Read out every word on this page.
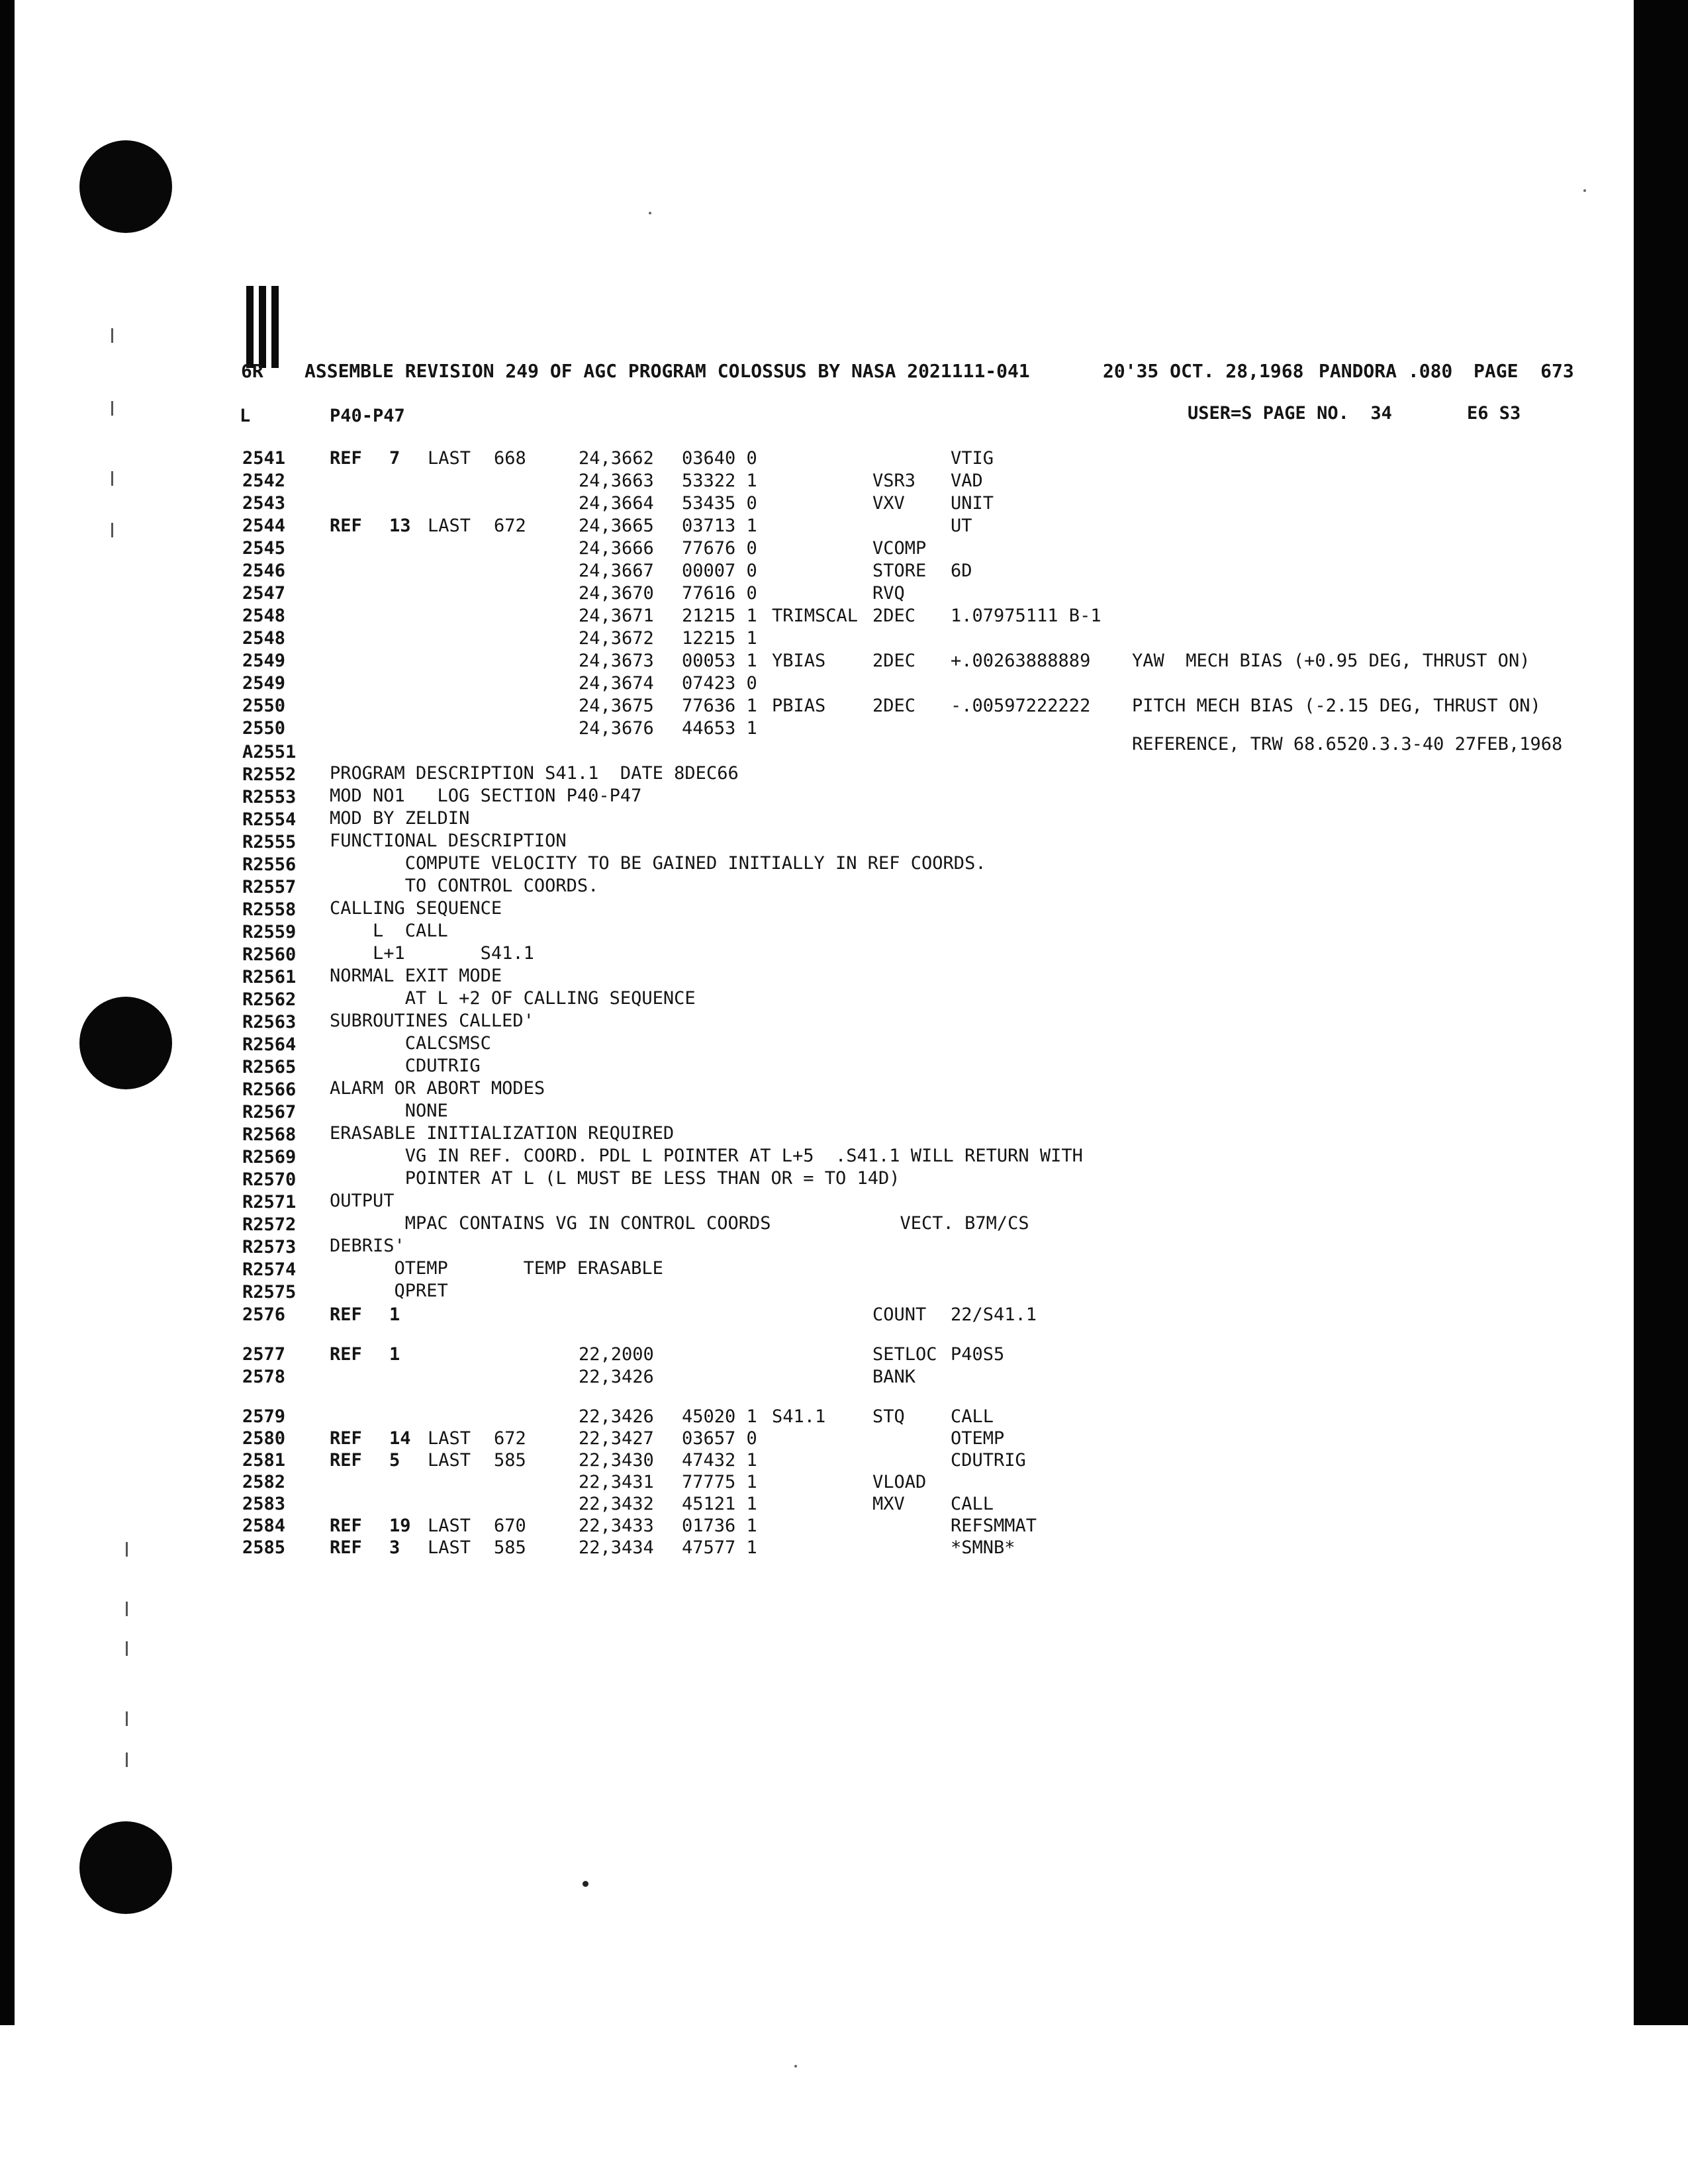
6R ASSEMBLE REVISION 249 OF AGC PROGRAM COLOSSUS BY NASA 2021111-041	20'35 OCT. 28,1968 PANDORA .080 PAGE  673
L	P40-P47	USER=S PAGE NO.  34	E6 S3
2541 REF 7 LAST 668	24,3662 03640 0	VTIG
2542	24,3663 53322 1	VSR3 VAD
2543	24,3664 53435 0	VXV	UNIT
2544 REF 13 LAST 672	24,3665 03713 1	UT
2545	24,3666 77676 0	VCOMP
2546	24,3667 00007 0	STORE 6D
2547	24,3670 77616 0	RVQ
2548	24,3671 21215 1 TRIMSCAL 2DEC 1.07975111 B-1
2548	24,3672 12215 1
2549	24,3673 00053 1 YBIAS	2DEC +.00263888889 YAW  MECH BIAS (+0.95 DEG, THRUST ON)
2549	24,3674 07423 0
2550	24,3675 77636 1 PBIAS	2DEC -.00597222222 PITCH MECH BIAS (-2.15 DEG, THRUST ON)
2550	24,3676 44653 1
A2551	REFERENCE, TRW 68.6520.3.3-40 27FEB,1968
R2552 PROGRAM DESCRIPTION S41.1  DATE 8DEC66
R2553 MOD NO1   LOG SECTION P40-P47
R2554 MOD BY ZELDIN
R2555 FUNCTIONAL DESCRIPTION
R2556 COMPUTE VELOCITY TO BE GAINED INITIALLY IN REF COORDS.
R2557 TO CONTROL COORDS.
R2558 CALLING SEQUENCE
R2559 L  CALL
R2560 L+1       S41.1
R2561 NORMAL EXIT MODE
R2562 AT L +2 OF CALLING SEQUENCE
R2563 SUBROUTINES CALLED'
R2564 CALCSMSC
R2565 CDUTRIG
R2566 ALARM OR ABORT MODES
R2567 NONE
R2568 ERASABLE INITIALIZATION REQUIRED
R2569 VG IN REF. COORD. PDL L POINTER AT L+5  .S41.1 WILL RETURN WITH
R2570 POINTER AT L (L MUST BE LESS THAN OR = TO 14D)
R2571 OUTPUT
R2572 MPAC CONTAINS VG IN CONTROL COORDS            VECT. B7M/CS
R2573 DEBRIS'
R2574 OTEMP       TEMP ERASABLE
R2575 QPRET
2576 REF 1	COUNT 22/S41.1
2577 REF 1	22,2000	SETLOC P40S5
2578	22,3426	BANK
2579	22,3426 45020 1 S41.1	STQ	CALL
2580 REF 14 LAST 672	22,3427 03657 0	OTEMP
2581 REF 5 LAST 585	22,3430 47432 1	CDUTRIG
2582	22,3431 77775 1	VLOAD
2583	22,3432 45121 1	MXV	CALL
2584 REF 19 LAST 670	22,3433 01736 1	REFSMMAT
2585 REF 3 LAST 585	22,3434 47577 1	*SMNB*
